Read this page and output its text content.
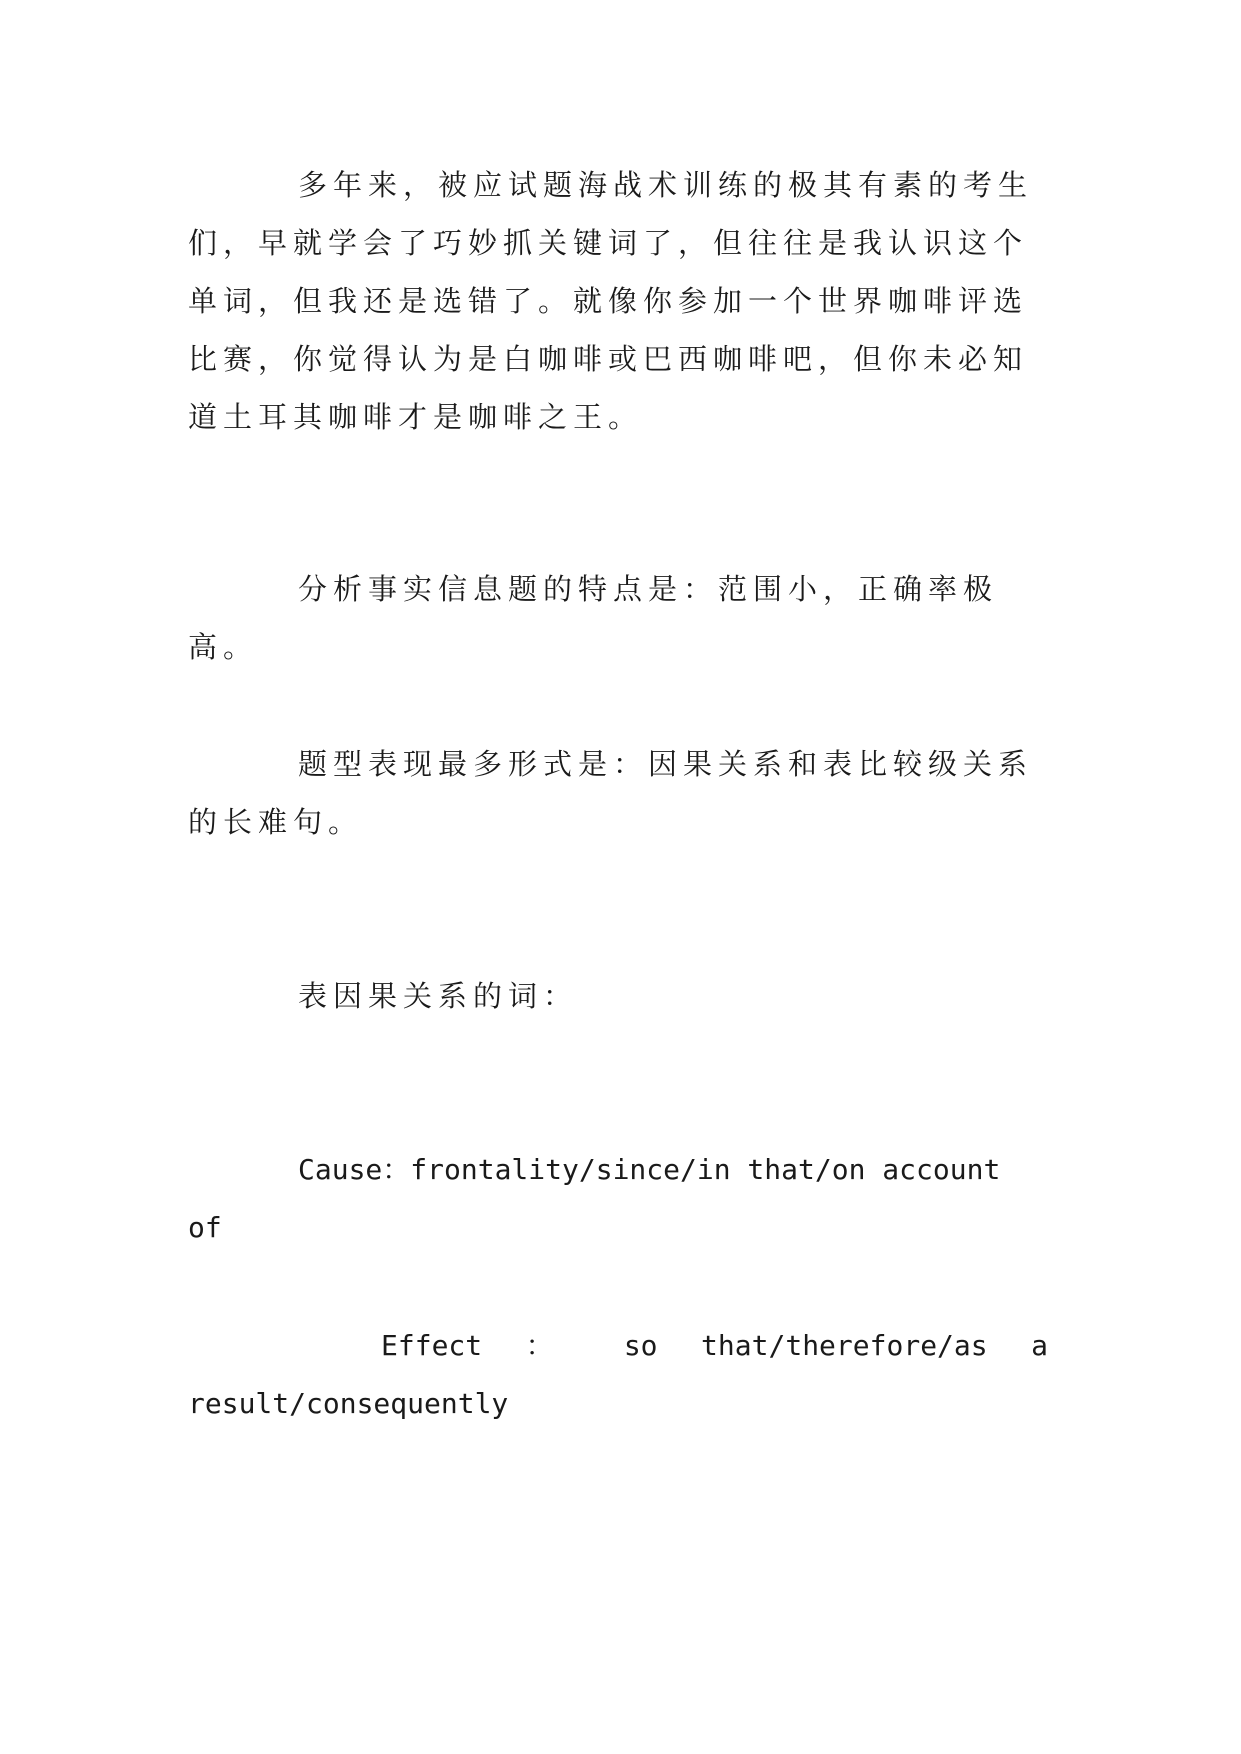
多年来，被应试题海战术训练的极其有素的考生们，早就学会了巧妙抓关键词了，但往往是我认识这个单词，但我还是选错了。就像你参加一个世界咖啡评选比赛，你觉得认为是白咖啡或巴西咖啡吧，但你未必知道土耳其咖啡才是咖啡之王。

分析事实信息题的特点是：范围小，正确率极高。

题型表现最多形式是：因果关系和表比较级关系的长难句。

表因果关系的词：

Cause：frontality/since/in that/on account of

Effect ： so that/therefore/as a result/consequently
